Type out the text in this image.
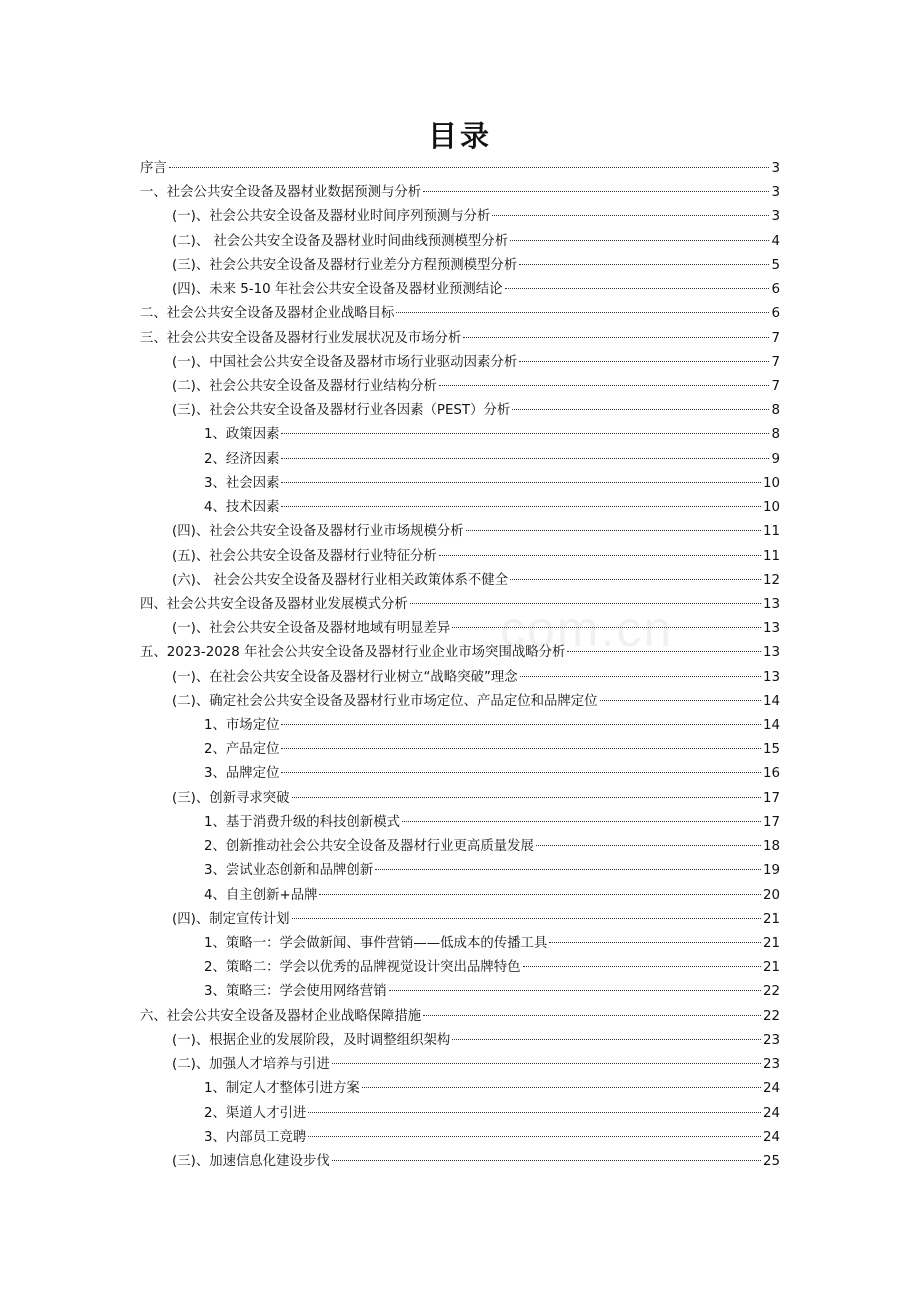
目录
序言	3
一、社会公共安全设备及器材业数据预测与分析	3
(一)、社会公共安全设备及器材业时间序列预测与分析	3
(二)、 社会公共安全设备及器材业时间曲线预测模型分析	4
(三)、社会公共安全设备及器材行业差分方程预测模型分析	5
(四)、未来 5-10 年社会公共安全设备及器材业预测结论	6
二、社会公共安全设备及器材企业战略目标	6
三、社会公共安全设备及器材行业发展状况及市场分析	7
(一)、中国社会公共安全设备及器材市场行业驱动因素分析	7
(二)、社会公共安全设备及器材行业结构分析	7
(三)、社会公共安全设备及器材行业各因素（PEST）分析	8
1、政策因素	8
2、经济因素	9
3、社会因素	10
4、技术因素	10
(四)、社会公共安全设备及器材行业市场规模分析	11
(五)、社会公共安全设备及器材行业特征分析	11
(六)、 社会公共安全设备及器材行业相关政策体系不健全	12
四、社会公共安全设备及器材业发展模式分析	13
(一)、社会公共安全设备及器材地域有明显差异	13
五、2023-2028 年社会公共安全设备及器材行业企业市场突围战略分析	13
(一)、在社会公共安全设备及器材行业树立“战略突破”理念	13
(二)、确定社会公共安全设备及器材行业市场定位、产品定位和品牌定位	14
1、市场定位	14
2、产品定位	15
3、品牌定位	16
(三)、创新寻求突破	17
1、基于消费升级的科技创新模式	17
2、创新推动社会公共安全设备及器材行业更高质量发展	18
3、尝试业态创新和品牌创新	19
4、自主创新+品牌	20
(四)、制定宣传计划	21
1、策略一：学会做新闻、事件营销——低成本的传播工具	21
2、策略二：学会以优秀的品牌视觉设计突出品牌特色	21
3、策略三：学会使用网络营销	22
六、社会公共安全设备及器材企业战略保障措施	22
(一)、根据企业的发展阶段，及时调整组织架构	23
(二)、加强人才培养与引进	23
1、制定人才整体引进方案	24
2、渠道人才引进	24
3、内部员工竞聘	24
(三)、加速信息化建设步伐	25
com.cn
